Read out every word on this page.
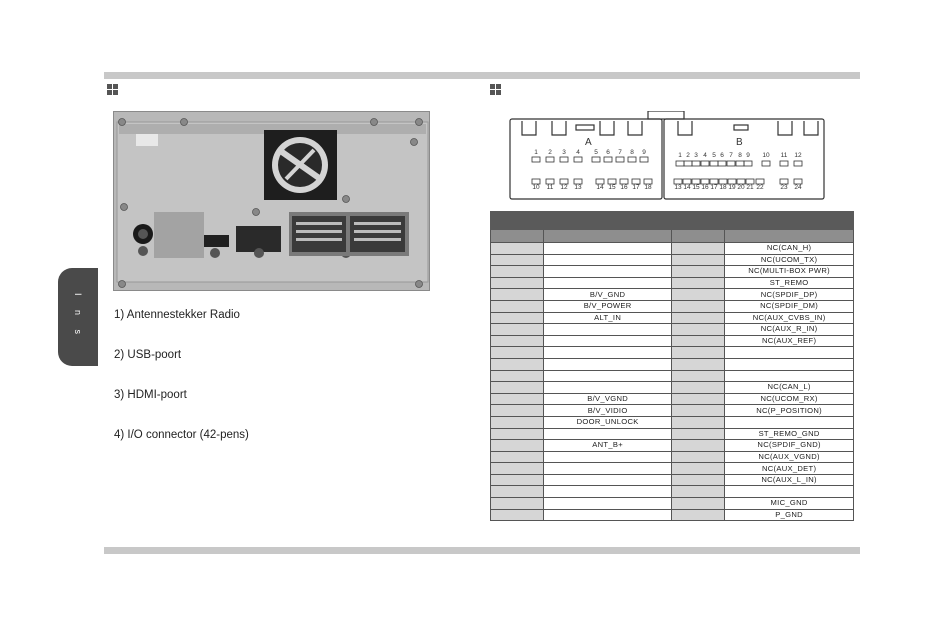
I n s	1) Antennestekker Radio
2) USB-poort
3) HDMI-poort
4) I/O connector (42-pens)
A	B
1 2 3 4 5 6 7 8 9
10 11 12 13 14 15 16 17 18
1 2 3 4 5 6 7 8 9 10 11 12
13 14 15 16 17 18 19 20 21 22	23 24

			NC(CAN_H)
			NC(UCOM_TX)
			NC(MULTI-BOX PWR)
			ST_REMO
	B/V_GND		NC(SPDIF_DP)
	B/V_POWER		NC(SPDIF_DM)
	ALT_IN		NC(AUX_CVBS_IN)
			NC(AUX_R_IN)
			NC(AUX_REF)

			NC(CAN_L)
	B/V_VGND		NC(UCOM_RX)
	B/V_VIDIO		NC(P_POSITION)
	DOOR_UNLOCK		
			ST_REMO_GND
	ANT_B+		NC(SPDIF_GND)
			NC(AUX_VGND)
			NC(AUX_DET)
			NC(AUX_L_IN)

			MIC_GND
			P_GND
